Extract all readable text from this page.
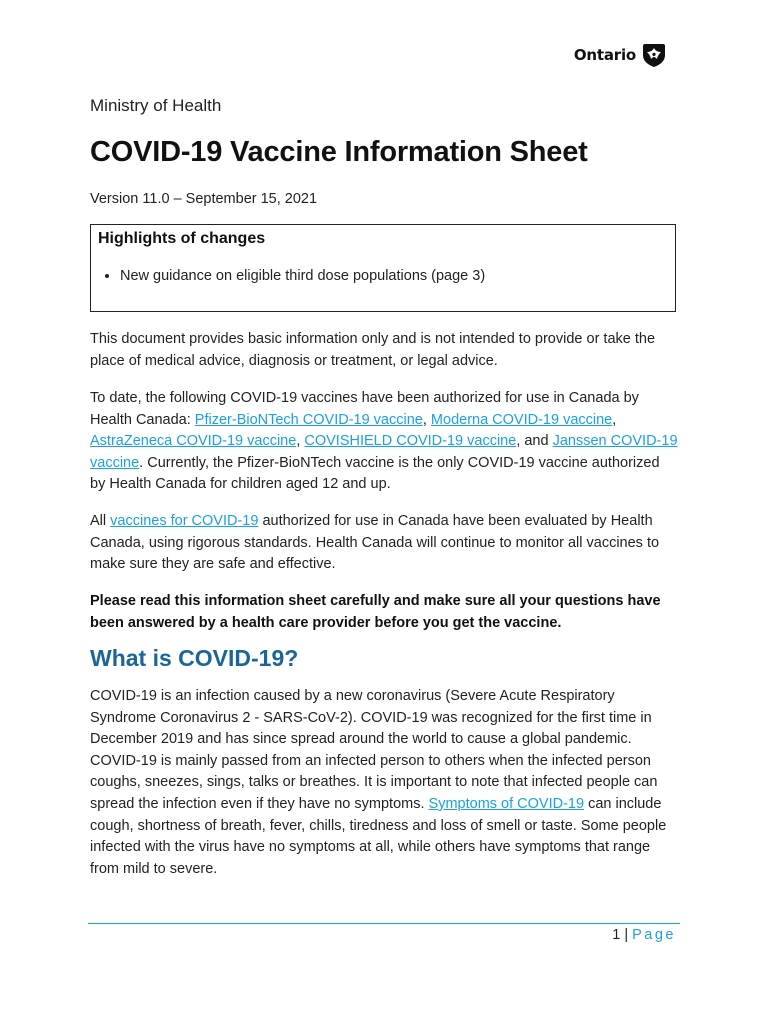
Ontario

Ministry of Health

COVID-19 Vaccine Information Sheet

Version 11.0 – September 15, 2021

Highlights of changes
• New guidance on eligible third dose populations (page 3)

This document provides basic information only and is not intended to provide or take the place of medical advice, diagnosis or treatment, or legal advice.

To date, the following COVID-19 vaccines have been authorized for use in Canada by Health Canada: Pfizer-BioNTech COVID-19 vaccine, Moderna COVID-19 vaccine, AstraZeneca COVID-19 vaccine, COVISHIELD COVID-19 vaccine, and Janssen COVID-19 vaccine. Currently, the Pfizer-BioNTech vaccine is the only COVID-19 vaccine authorized by Health Canada for children aged 12 and up.

All vaccines for COVID-19 authorized for use in Canada have been evaluated by Health Canada, using rigorous standards. Health Canada will continue to monitor all vaccines to make sure they are safe and effective.

Please read this information sheet carefully and make sure all your questions have been answered by a health care provider before you get the vaccine.

What is COVID-19?

COVID-19 is an infection caused by a new coronavirus (Severe Acute Respiratory Syndrome Coronavirus 2 - SARS-CoV-2). COVID-19 was recognized for the first time in December 2019 and has since spread around the world to cause a global pandemic. COVID-19 is mainly passed from an infected person to others when the infected person coughs, sneezes, sings, talks or breathes. It is important to note that infected people can spread the infection even if they have no symptoms. Symptoms of COVID-19 can include cough, shortness of breath, fever, chills, tiredness and loss of smell or taste. Some people infected with the virus have no symptoms at all, while others have symptoms that range from mild to severe.

1 | Page
